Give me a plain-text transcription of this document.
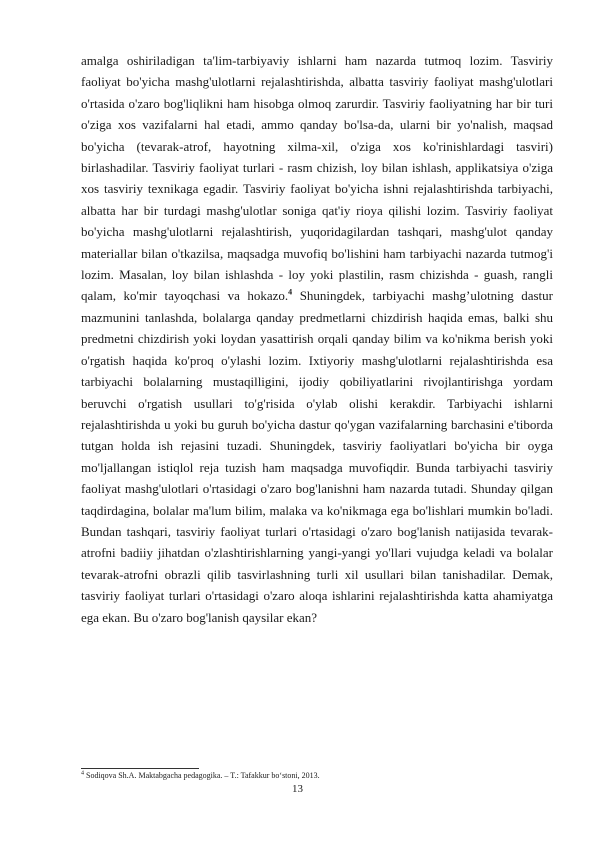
amalga oshiriladigan ta'lim-tarbiyaviy ishlarni ham nazarda tutmoq lozim. Tasviriy faoliyat bo'yicha mashg'ulotlarni rejalashtirishda, albatta tasviriy faoliyat mashg'ulotlari o'rtasida o'zaro bog'liqlikni ham hisobga olmoq zarurdir. Tasviriy faoliyatning har bir turi o'ziga xos vazifalarni hal etadi, ammo qanday bo'lsa-da, ularni bir yo'nalish, maqsad bo'yicha (tevarak-atrof, hayotning xilma-xil, o'ziga xos ko'rinishlardagi tasviri) birlashadilar. Tasviriy faoliyat turlari - rasm chizish, loy bilan ishlash, applikatsiya o'ziga xos tasviriy texnikaga egadir. Tasviriy faoliyat bo'yicha ishni rejalashtirishda tarbiyachi, albatta har bir turdagi mashg'ulotlar soniga qat'iy rioya qilishi lozim. Tasviriy faoliyat bo'yicha mashg'ulotlarni rejalashtirish, yuqoridagilardan tashqari, mashg'ulot qanday materiallar bilan o'tkazilsa, maqsadga muvofiq bo'lishini ham tarbiyachi nazarda tutmog'i lozim. Masalan, loy bilan ishlashda - loy yoki plastilin, rasm chizishda - guash, rangli qalam, ko'mir tayoqchasi va hokazo.$^4$ Shuningdek, tarbiyachi mashg’ulotning dastur mazmunini tanlashda, bolalarga qanday predmetlarni chizdirish haqida emas, balki shu predmetni chizdirish yoki loydan yasattirish orqali qanday bilim va ko'nikma berish yoki o'rgatish haqida ko'proq o'ylashi lozim. Ixtiyoriy mashg'ulotlarni rejalashtirishda esa tarbiyachi bolalarning mustaqilligini, ijodiy qobiliyatlarini rivojlantirishga yordam beruvchi o'rgatish usullari to'g'risida o'ylab olishi kerakdir. Tarbiyachi ishlarni rejalashtirishda u yoki bu guruh bo'yicha dastur qo'ygan vazifalarning barchasini e'tiborda tutgan holda ish rejasini tuzadi. Shuningdek, tasviriy faoliyatlari bo'yicha bir oyga mo'ljallangan istiqlol reja tuzish ham maqsadga muvofiqdir. Bunda tarbiyachi tasviriy faoliyat mashg'ulotlari o'rtasidagi o'zaro bog'lanishni ham nazarda tutadi. Shunday qilgan taqdirdagina, bolalar ma'lum bilim, malaka va ko'nikmaga ega bo'lishlari mumkin bo'ladi. Bundan tashqari, tasviriy faoliyat turlari o'rtasidagi o'zaro bog'lanish natijasida tevarak-atrofni badiiy jihatdan o'zlashtirishlarning yangi-yangi yo'llari vujudga keladi va bolalar tevarak-atrofni obrazli qilib tasvirlashning turli xil usullari bilan tanishadilar. Demak, tasviriy faoliyat turlari o'rtasidagi o'zaro aloqa ishlarini rejalashtirishda katta ahamiyatga ega ekan. Bu o'zaro bog'lanish qaysilar ekan?
$^4$ Sodiqova Sh.A. Maktabgacha pedagogika. – T.: Tafakkur bo‘stoni, 2013.
13
